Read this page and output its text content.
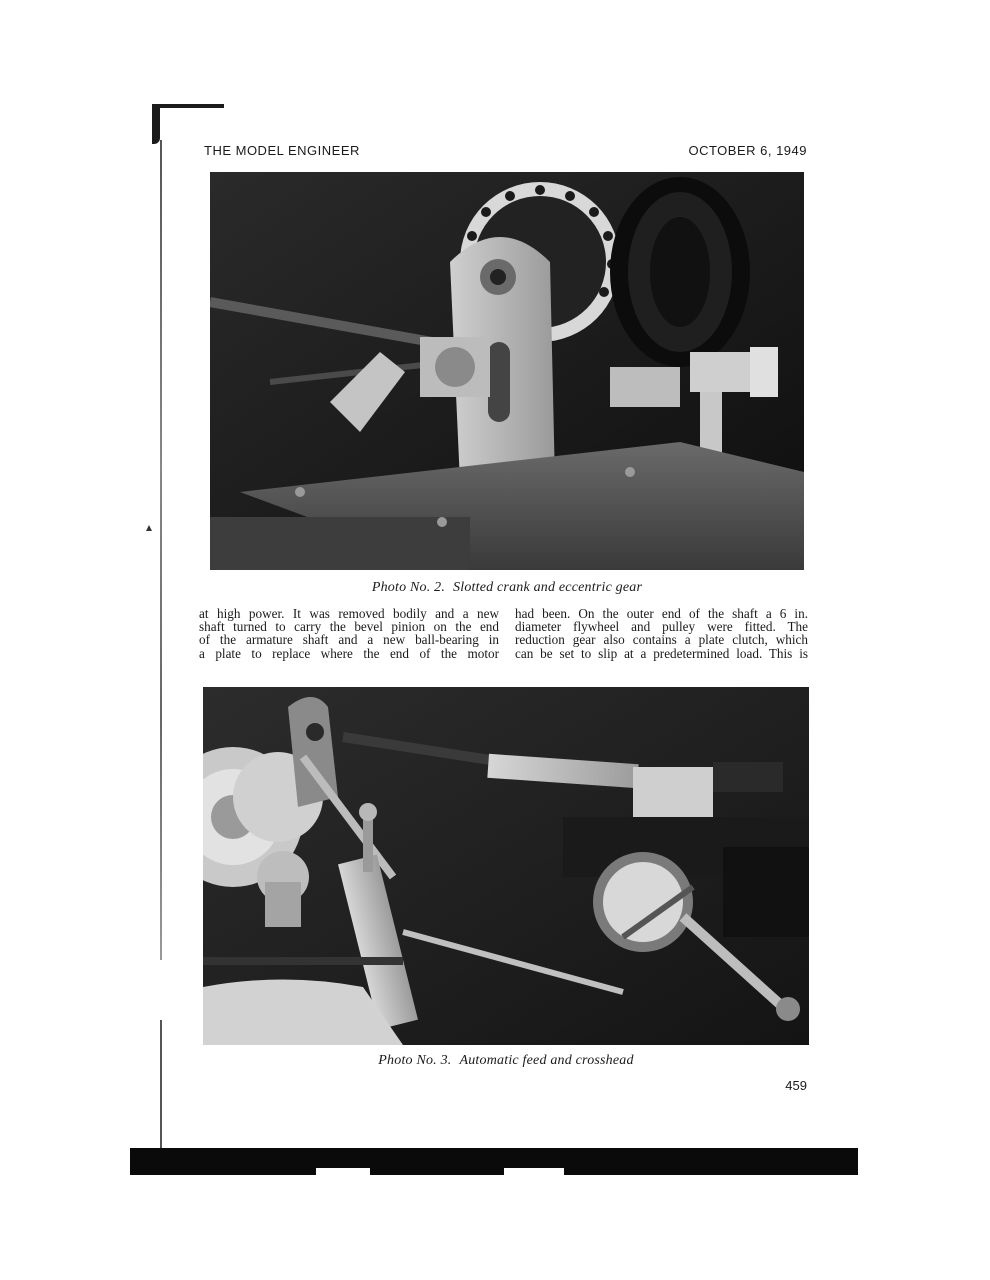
THE MODEL ENGINEER	OCTOBER 6, 1949
Photo No. 2. Slotted crank and eccentric gear
at high power. It was removed bodily and a new
shaft turned to carry the bevel pinion on the end
of the armature shaft and a new ball-bearing in
a plate to replace where the end of the motor
had been. On the outer end of the shaft a 6 in.
diameter flywheel and pulley were fitted. The
reduction gear also contains a plate clutch, which
can be set to slip at a predetermined load. This is
Photo No. 3. Automatic feed and crosshead
459
